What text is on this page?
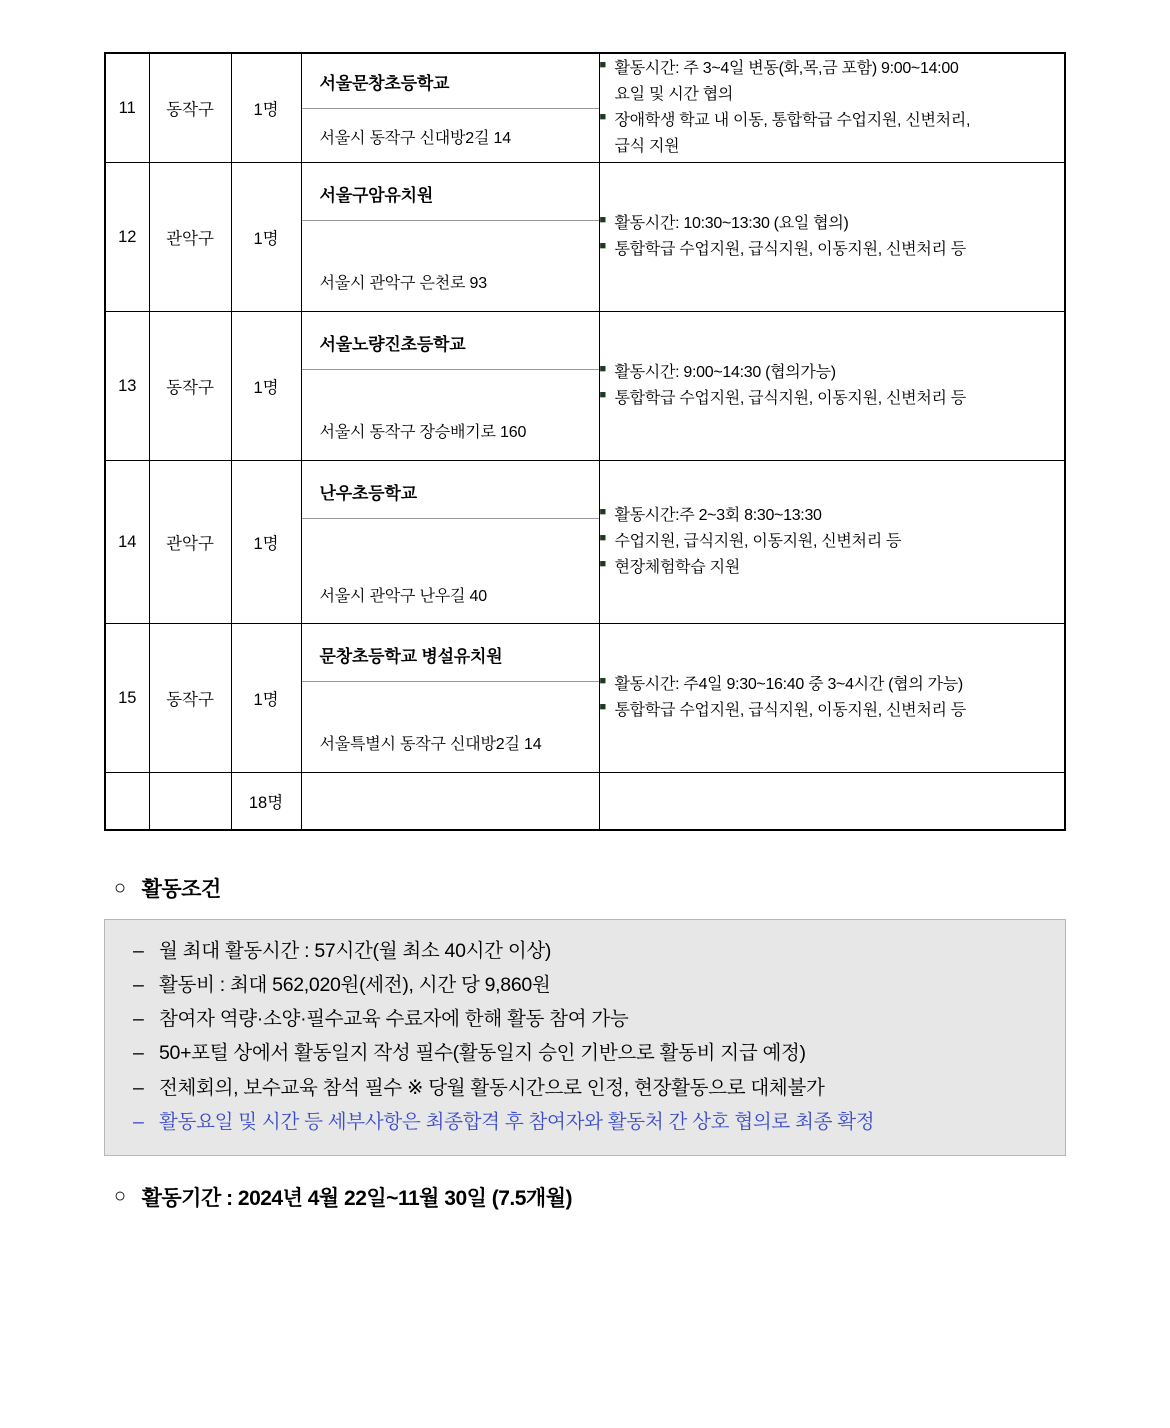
11	동작구	1명	
서울문창초등학교
서울시 동작구 신대방2길 14

■ 활동시간: 주 3~4일 변동(화,목,금 포함) 9:00~14:00
요일 및 시간 협의
■ 장애학생 학교 내 이동, 통합학급 수업지원, 신변처리,
급식 지원

12	관악구	1명	
서울구암유치원
서울시 관악구 은천로 93

■ 활동시간: 10:30~13:30 (요일 협의)
■ 통합학급 수업지원, 급식지원, 이동지원, 신변처리 등

13	동작구	1명	
서울노량진초등학교
서울시 동작구 장승배기로 160

■ 활동시간: 9:00~14:30 (협의가능)
■ 통합학급 수업지원, 급식지원, 이동지원, 신변처리 등

14	관악구	1명	
난우초등학교
서울시 관악구 난우길 40

■ 활동시간:주 2~3회 8:30~13:30
■ 수업지원, 급식지원, 이동지원, 신변처리 등
■ 현장체험학습 지원

15	동작구	1명	
문창초등학교 병설유치원
서울특별시 동작구 신대방2길 14

■ 활동시간: 주4일 9:30~16:40 중 3~4시간 (협의 가능)
■ 통합학급 수업지원, 급식지원, 이동지원, 신변처리 등

		18명		
○ 활동조건
– 월 최대 활동시간 : 57시간(월 최소 40시간 이상)
– 활동비 : 최대 562,020원(세전), 시간 당 9,860원
– 참여자 역량·소양·필수교육 수료자에 한해 활동 참여 가능
– 50+포털 상에서 활동일지 작성 필수(활동일지 승인 기반으로 활동비 지급 예정)
– 전체회의, 보수교육 참석 필수 ※ 당월 활동시간으로 인정, 현장활동으로 대체불가
– 활동요일 및 시간 등 세부사항은 최종합격 후 참여자와 활동처 간 상호 협의로 최종 확정
○ 활동기간 : 2024년 4월 22일~11월 30일 (7.5개월)
